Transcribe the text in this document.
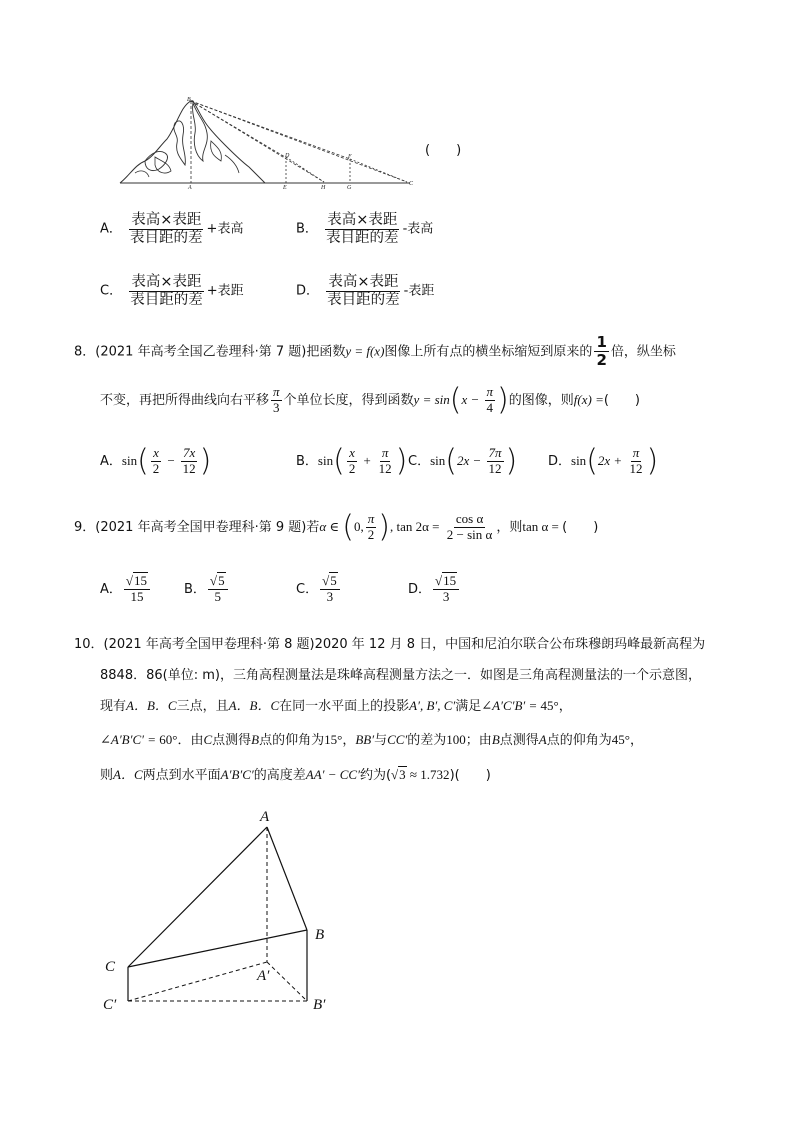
B
D	F
A	E	H	G
C
(　　)
A． $\frac{\text{表高×表距}}{\text{表目距的差}}$ +表高	B． $\frac{\text{表高×表距}}{\text{表目距的差}}$ -表高
C． $\frac{\text{表高×表距}}{\text{表目距的差}}$ +表距	D． $\frac{\text{表高×表距}}{\text{表目距的差}}$ -表距
8．(2021 年高考全国乙卷理科·第 7 题)把函数y = f(x)图像上所有点的横坐标缩短到原来的 $\frac{1}{2}$ 倍，纵坐标
不变，再把所得曲线向右平移 $\frac{\pi}{3}$ 个单位长度，得到函数$y = \sin(x - \frac{\pi}{4}$ )的图像，则f(x) =(　　)
A．$\sin( \frac{x}{2} - \frac{7x}{12}$ )	B．$\sin( \frac{x}{2} + \frac{\pi}{12}$ ) C．$\sin(2x - \frac{7\pi}{12}$ ) D．$\sin(2x + \frac{\pi}{12}$ )
9．(2021 年高考全国甲卷理科·第 9 题)若α ∈ (0, $\frac{\pi}{2}$ ), $\tan 2\alpha = \frac{\text{cos α}}{\text{2 − sin α}}$ ，则tan α = (　　)
A． $\frac{√15}{15}$	B． $\frac{√5}{5}$	C． $\frac{√5}{3}$	D． $\frac{√15}{3}$
10．(2021 年高考全国甲卷理科·第 8 题)2020 年 12 月 8 日，中国和尼泊尔联合公布珠穆朗玛峰最新高程为
8848．86(单位: m)，三角高程测量法是珠峰高程测量方法之一．如图是三角高程测量法的一个示意图，
现有A．B．C三点，且A．B．C在同一水平面上的投影A′, B′, C′满足∠A′C′B′ = 45°，
∠A′B′C′ = 60°．由C点测得B点的仰角为15°，BB′与CC′的差为100；由B点测得A点的仰角为45°，
则A．C两点到水平面A′B′C′的高度差AA′ − CC′约为(√3 ≈ 1.732)(　　)
A
B
C
A′
B′
C′
